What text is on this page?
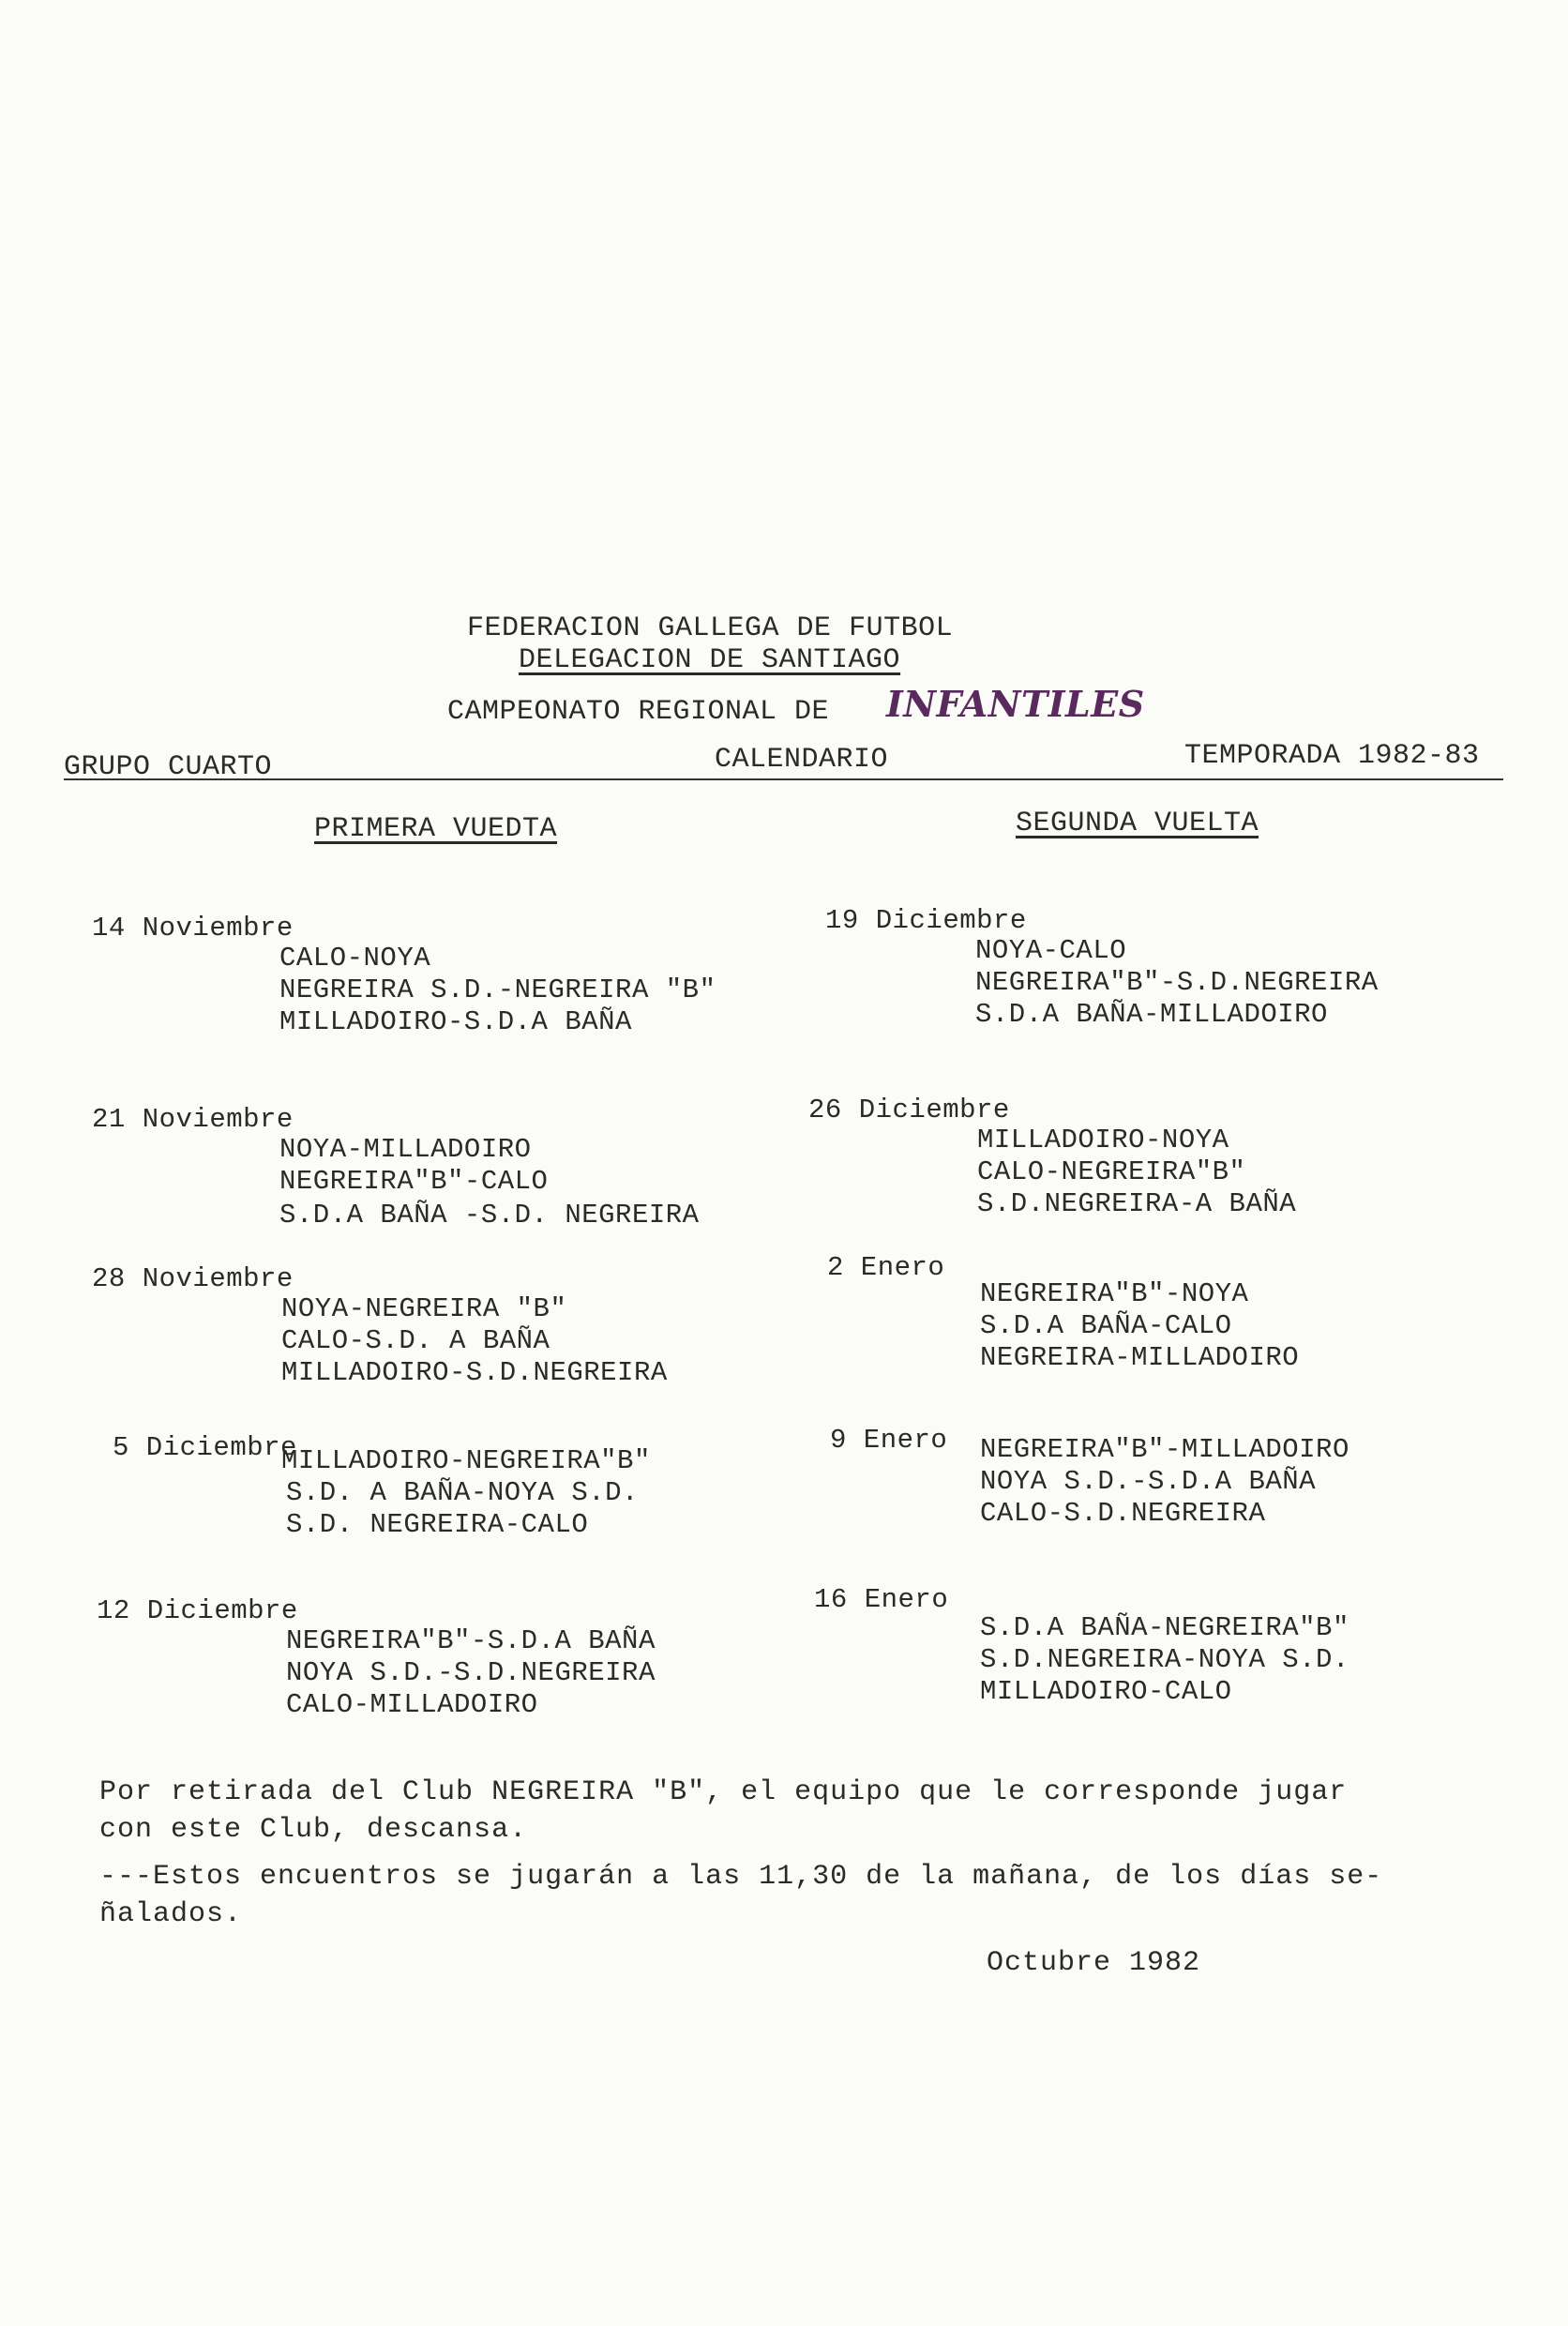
FEDERACION GALLEGA DE FUTBOL
DELEGACION DE SANTIAGO
CAMPEONATO REGIONAL DE INFANTILES
GRUPO CUARTO	CALENDARIO	TEMPORADA 1982-83
PRIMERA VUEDTA	SEGUNDA VUELTA
14 Noviembre
CALO-NOYA
NEGREIRA S.D.-NEGREIRA "B"
MILLADOIRO-S.D.A BAÑA
21 Noviembre
NOYA-MILLADOIRO
NEGREIRA"B"-CALO
S.D.A BAÑA -S.D. NEGREIRA
28 Noviembre
NOYA-NEGREIRA "B"
CALO-S.D. A BAÑA
MILLADOIRO-S.D.NEGREIRA
5 Diciembre
MILLADOIRO-NEGREIRA"B"
S.D. A BAÑA-NOYA S.D.
S.D. NEGREIRA-CALO
12 Diciembre
NEGREIRA"B"-S.D.A BAÑA
NOYA S.D.-S.D.NEGREIRA
CALO-MILLADOIRO
19 Diciembre
NOYA-CALO
NEGREIRA"B"-S.D.NEGREIRA
S.D.A BAÑA-MILLADOIRO
26 Diciembre
MILLADOIRO-NOYA
CALO-NEGREIRA"B"
S.D.NEGREIRA-A BAÑA
2 Enero
NEGREIRA"B"-NOYA
S.D.A BAÑA-CALO
NEGREIRA-MILLADOIRO
9 Enero NEGREIRA"B"-MILLADOIRO
NOYA S.D.-S.D.A BAÑA
CALO-S.D.NEGREIRA
16 Enero
S.D.A BAÑA-NEGREIRA"B"
S.D.NEGREIRA-NOYA S.D.
MILLADOIRO-CALO
Por retirada del Club NEGREIRA "B", el equipo que le corresponde jugar
con este Club, descansa.
---Estos encuentros se jugarán a las 11,30 de la mañana, de los días se-
ñalados.
Octubre 1982
